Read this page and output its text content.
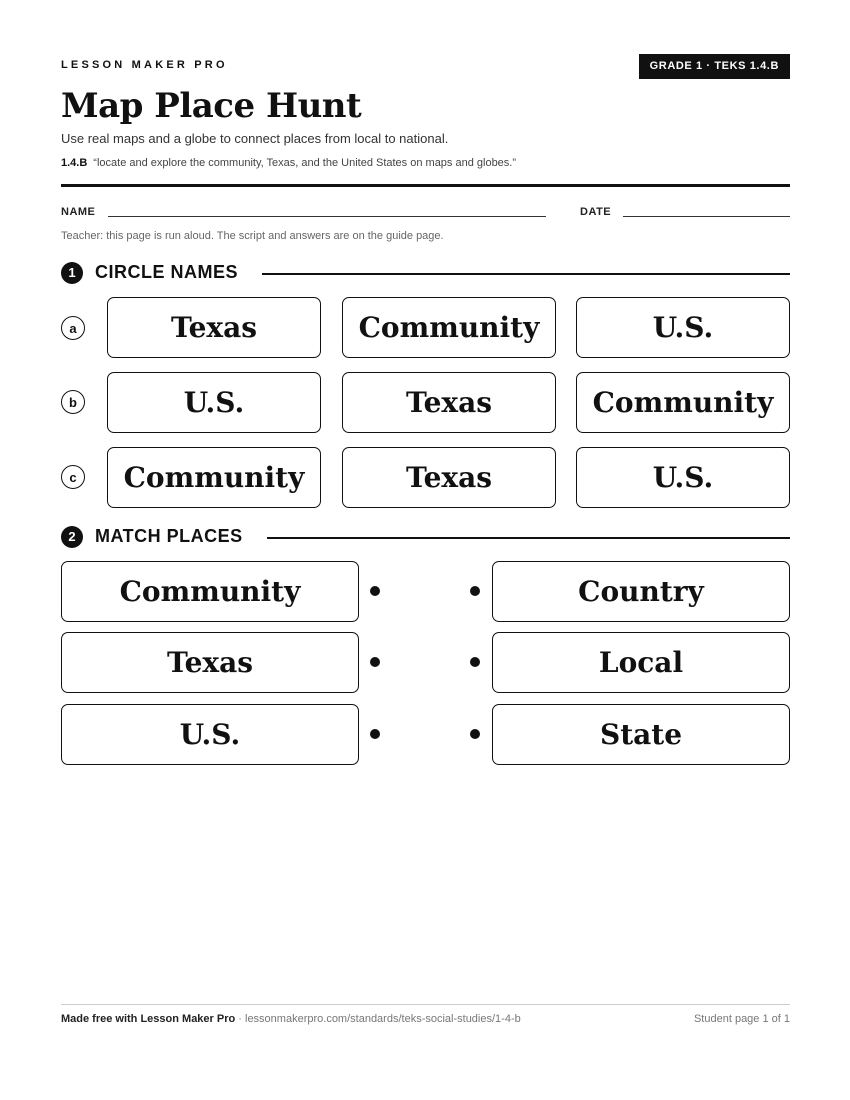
LESSON MAKER PRO	GRADE 1 · TEKS 1.4.B
Map Place Hunt
Use real maps and a globe to connect places from local to national.
1.4.B “locate and explore the community, Texas, and the United States on maps and globes.”
NAME	DATE
Teacher: this page is run aloud. The script and answers are on the guide page.
1	CIRCLE NAMES
a	Texas	Community	U.S.
b	U.S.	Texas	Community
c	Community	Texas	U.S.
2	MATCH PLACES
Community	Country
Texas	Local
U.S.	State
Made free with Lesson Maker Pro · lessonmakerpro.com/standards/teks-social-studies/1-4-b	Student page 1 of 1
